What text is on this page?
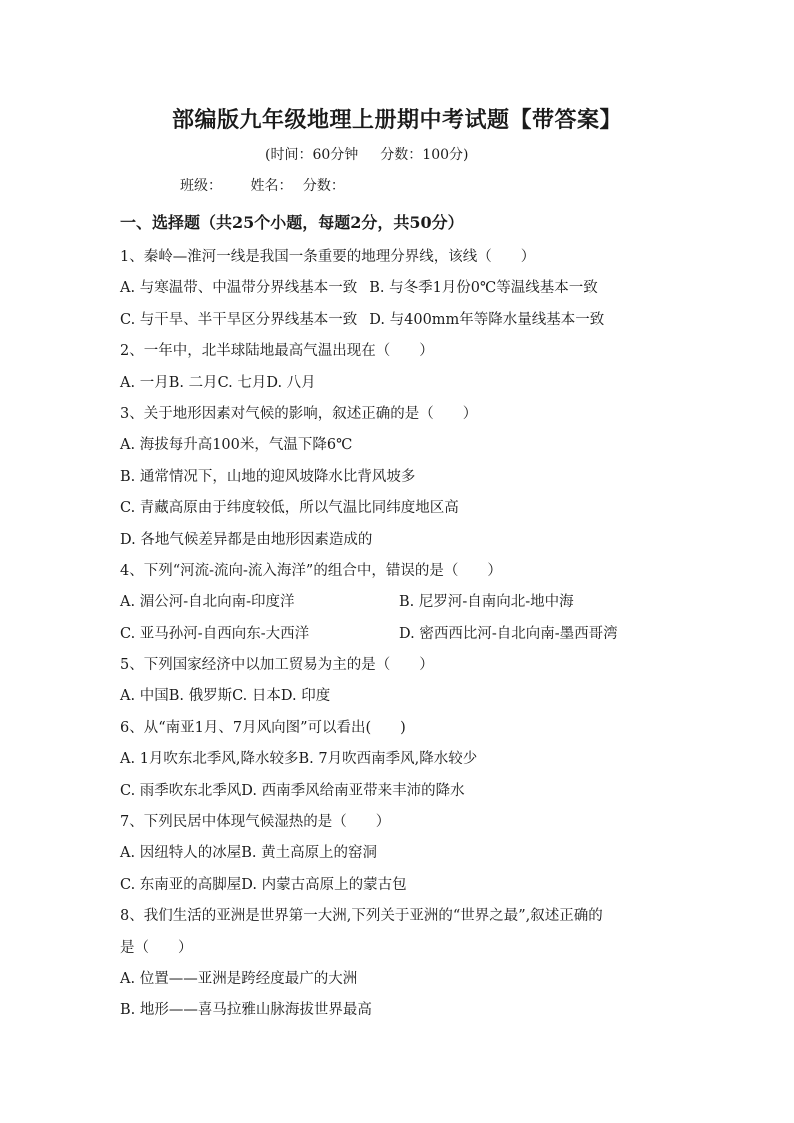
部编版九年级地理上册期中考试题【带答案】
(时间：60分钟 分数：100分)
班级： 姓名： 分数：
一、选择题（共25个小题，每题2分，共50分）
1、秦岭—淮河一线是我国一条重要的地理分界线，该线（　　）
A. 与寒温带、中温带分界线基本一致 B. 与冬季1月份0℃等温线基本一致
C. 与干旱、半干旱区分界线基本一致 D. 与400mm年等降水量线基本一致
2、一年中，北半球陆地最高气温出现在（　　）
A. 一月B. 二月C. 七月D. 八月
3、关于地形因素对气候的影响，叙述正确的是（　　）
A. 海拔每升高100米，气温下降6℃
B. 通常情况下，山地的迎风坡降水比背风坡多
C. 青藏高原由于纬度较低，所以气温比同纬度地区高
D. 各地气候差异都是由地形因素造成的
4、下列“河流-流向-流入海洋”的组合中，错误的是（　　）
A. 湄公河-自北向南-印度洋	B. 尼罗河-自南向北-地中海
C. 亚马孙河-自西向东-大西洋	D. 密西西比河-自北向南-墨西哥湾
5、下列国家经济中以加工贸易为主的是（　　）
A. 中国B. 俄罗斯C. 日本D. 印度
6、从“南亚1月、7月风向图”可以看出(　　)
A. 1月吹东北季风,降水较多B. 7月吹西南季风,降水较少
C. 雨季吹东北季风D. 西南季风给南亚带来丰沛的降水
7、下列民居中体现气候湿热的是（　　）
A. 因纽特人的冰屋B. 黄土高原上的窑洞
C. 东南亚的高脚屋D. 内蒙古高原上的蒙古包
8、我们生活的亚洲是世界第一大洲,下列关于亚洲的“世界之最”,叙述正确的
是（　　）
A. 位置——亚洲是跨经度最广的大洲
B. 地形——喜马拉雅山脉海拔世界最高
